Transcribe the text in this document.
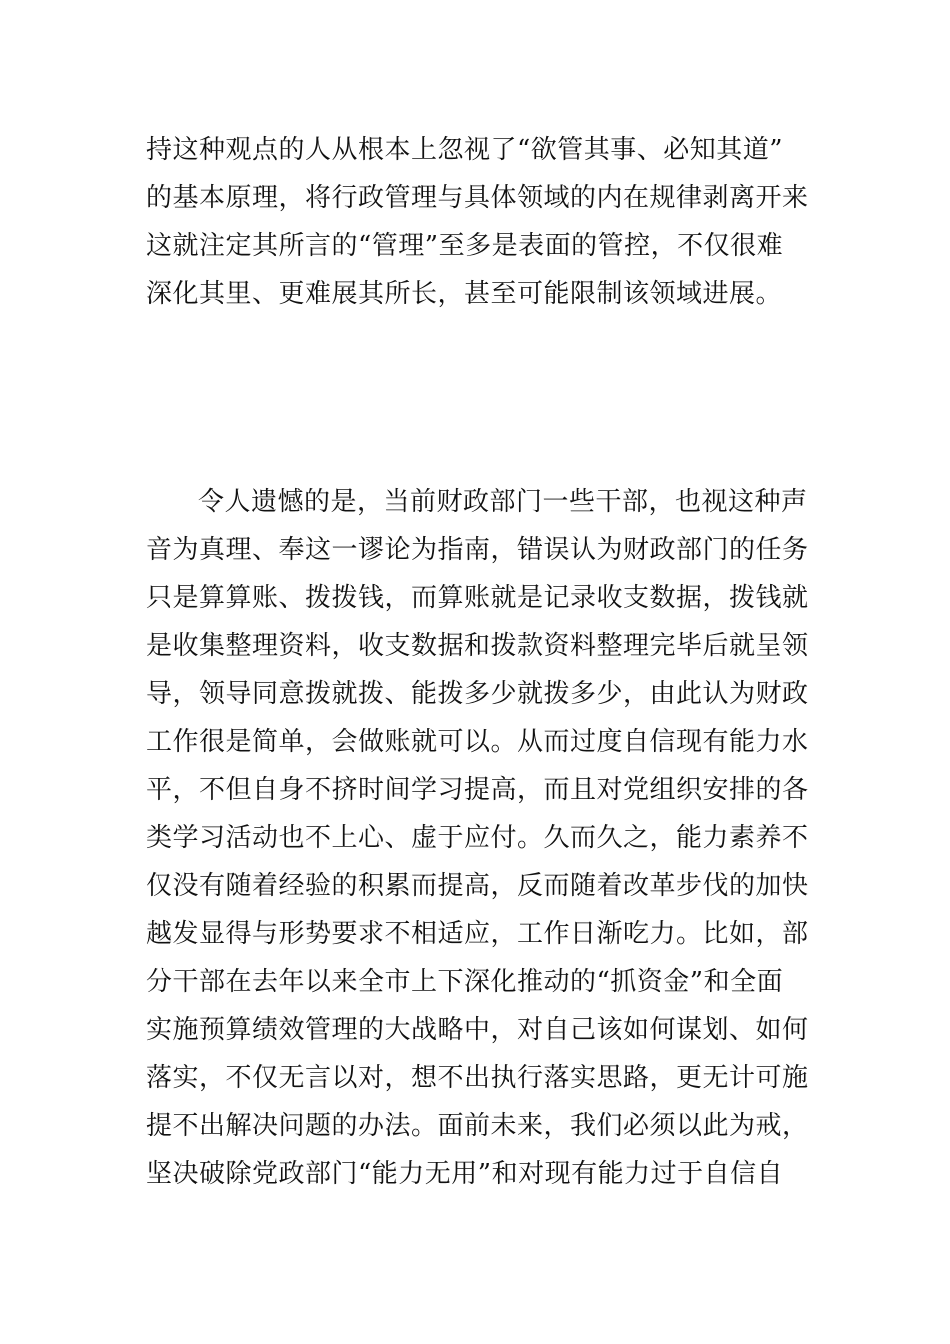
持这种观点的人从根本上忽视了“欲管其事、必知其道”
的基本原理，将行政管理与具体领域的内在规律剥离开来
这就注定其所言的“管理”至多是表面的管控，不仅很难
深化其里、更难展其所长，甚至可能限制该领域进展。
令人遗憾的是，当前财政部门一些干部，也视这种声
音为真理、奉这一谬论为指南，错误认为财政部门的任务
只是算算账、拨拨钱，而算账就是记录收支数据，拨钱就
是收集整理资料，收支数据和拨款资料整理完毕后就呈领
导，领导同意拨就拨、能拨多少就拨多少，由此认为财政
工作很是简单，会做账就可以。从而过度自信现有能力水
平，不但自身不挤时间学习提高，而且对党组织安排的各
类学习活动也不上心、虚于应付。久而久之，能力素养不
仅没有随着经验的积累而提高，反而随着改革步伐的加快
越发显得与形势要求不相适应，工作日渐吃力。比如，部
分干部在去年以来全市上下深化推动的“抓资金”和全面
实施预算绩效管理的大战略中，对自己该如何谋划、如何
落实，不仅无言以对，想不出执行落实思路，更无计可施
提不出解决问题的办法。面前未来，我们必须以此为戒，
坚决破除党政部门“能力无用”和对现有能力过于自信自
